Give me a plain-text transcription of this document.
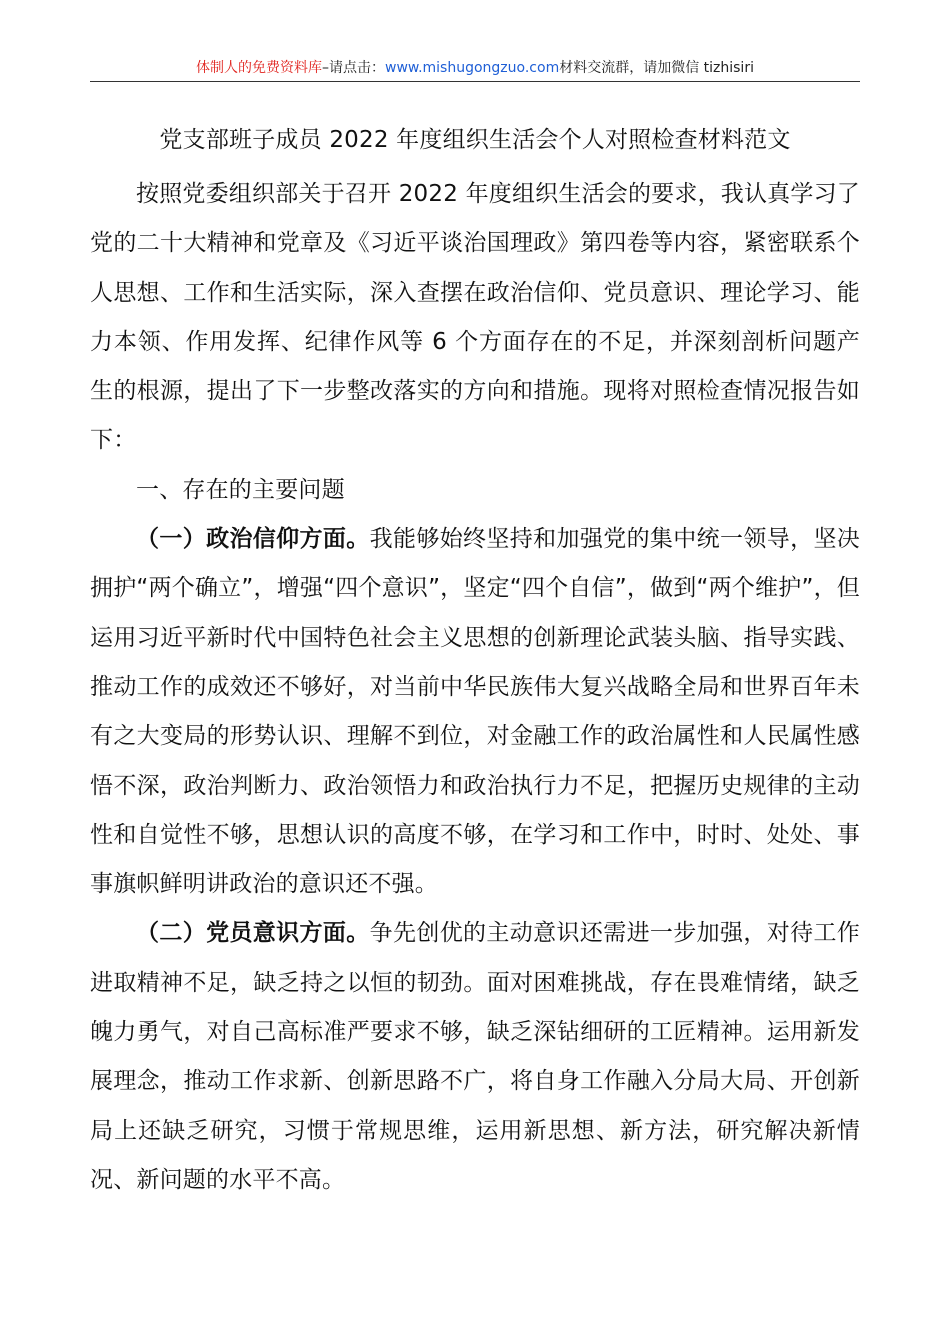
体制人的免费资料库–请点击：www.mishugongzuo.com材料交流群，请加微信 tizhisiri
党支部班子成员 2022 年度组织生活会个人对照检查材料范文

按照党委组织部关于召开 2022 年度组织生活会的要求，我认真学习了党的二十大精神和党章及《习近平谈治国理政》第四卷等内容，紧密联系个人思想、工作和生活实际，深入查摆在政治信仰、党员意识、理论学习、能力本领、作用发挥、纪律作风等 6 个方面存在的不足，并深刻剖析问题产生的根源，提出了下一步整改落实的方向和措施。现将对照检查情况报告如下：

一、存在的主要问题

（一）政治信仰方面。我能够始终坚持和加强党的集中统一领导，坚决拥护“两个确立”，增强“四个意识”，坚定“四个自信”，做到“两个维护”，但运用习近平新时代中国特色社会主义思想的创新理论武装头脑、指导实践、推动工作的成效还不够好，对当前中华民族伟大复兴战略全局和世界百年未有之大变局的形势认识、理解不到位，对金融工作的政治属性和人民属性感悟不深，政治判断力、政治领悟力和政治执行力不足，把握历史规律的主动性和自觉性不够，思想认识的高度不够，在学习和工作中，时时、处处、事事旗帜鲜明讲政治的意识还不强。

（二）党员意识方面。争先创优的主动意识还需进一步加强，对待工作进取精神不足，缺乏持之以恒的韧劲。面对困难挑战，存在畏难情绪，缺乏魄力勇气，对自己高标准严要求不够，缺乏深钻细研的工匠精神。运用新发展理念，推动工作求新、创新思路不广，将自身工作融入分局大局、开创新局上还缺乏研究，习惯于常规思维，运用新思想、新方法，研究解决新情况、新问题的水平不高。
